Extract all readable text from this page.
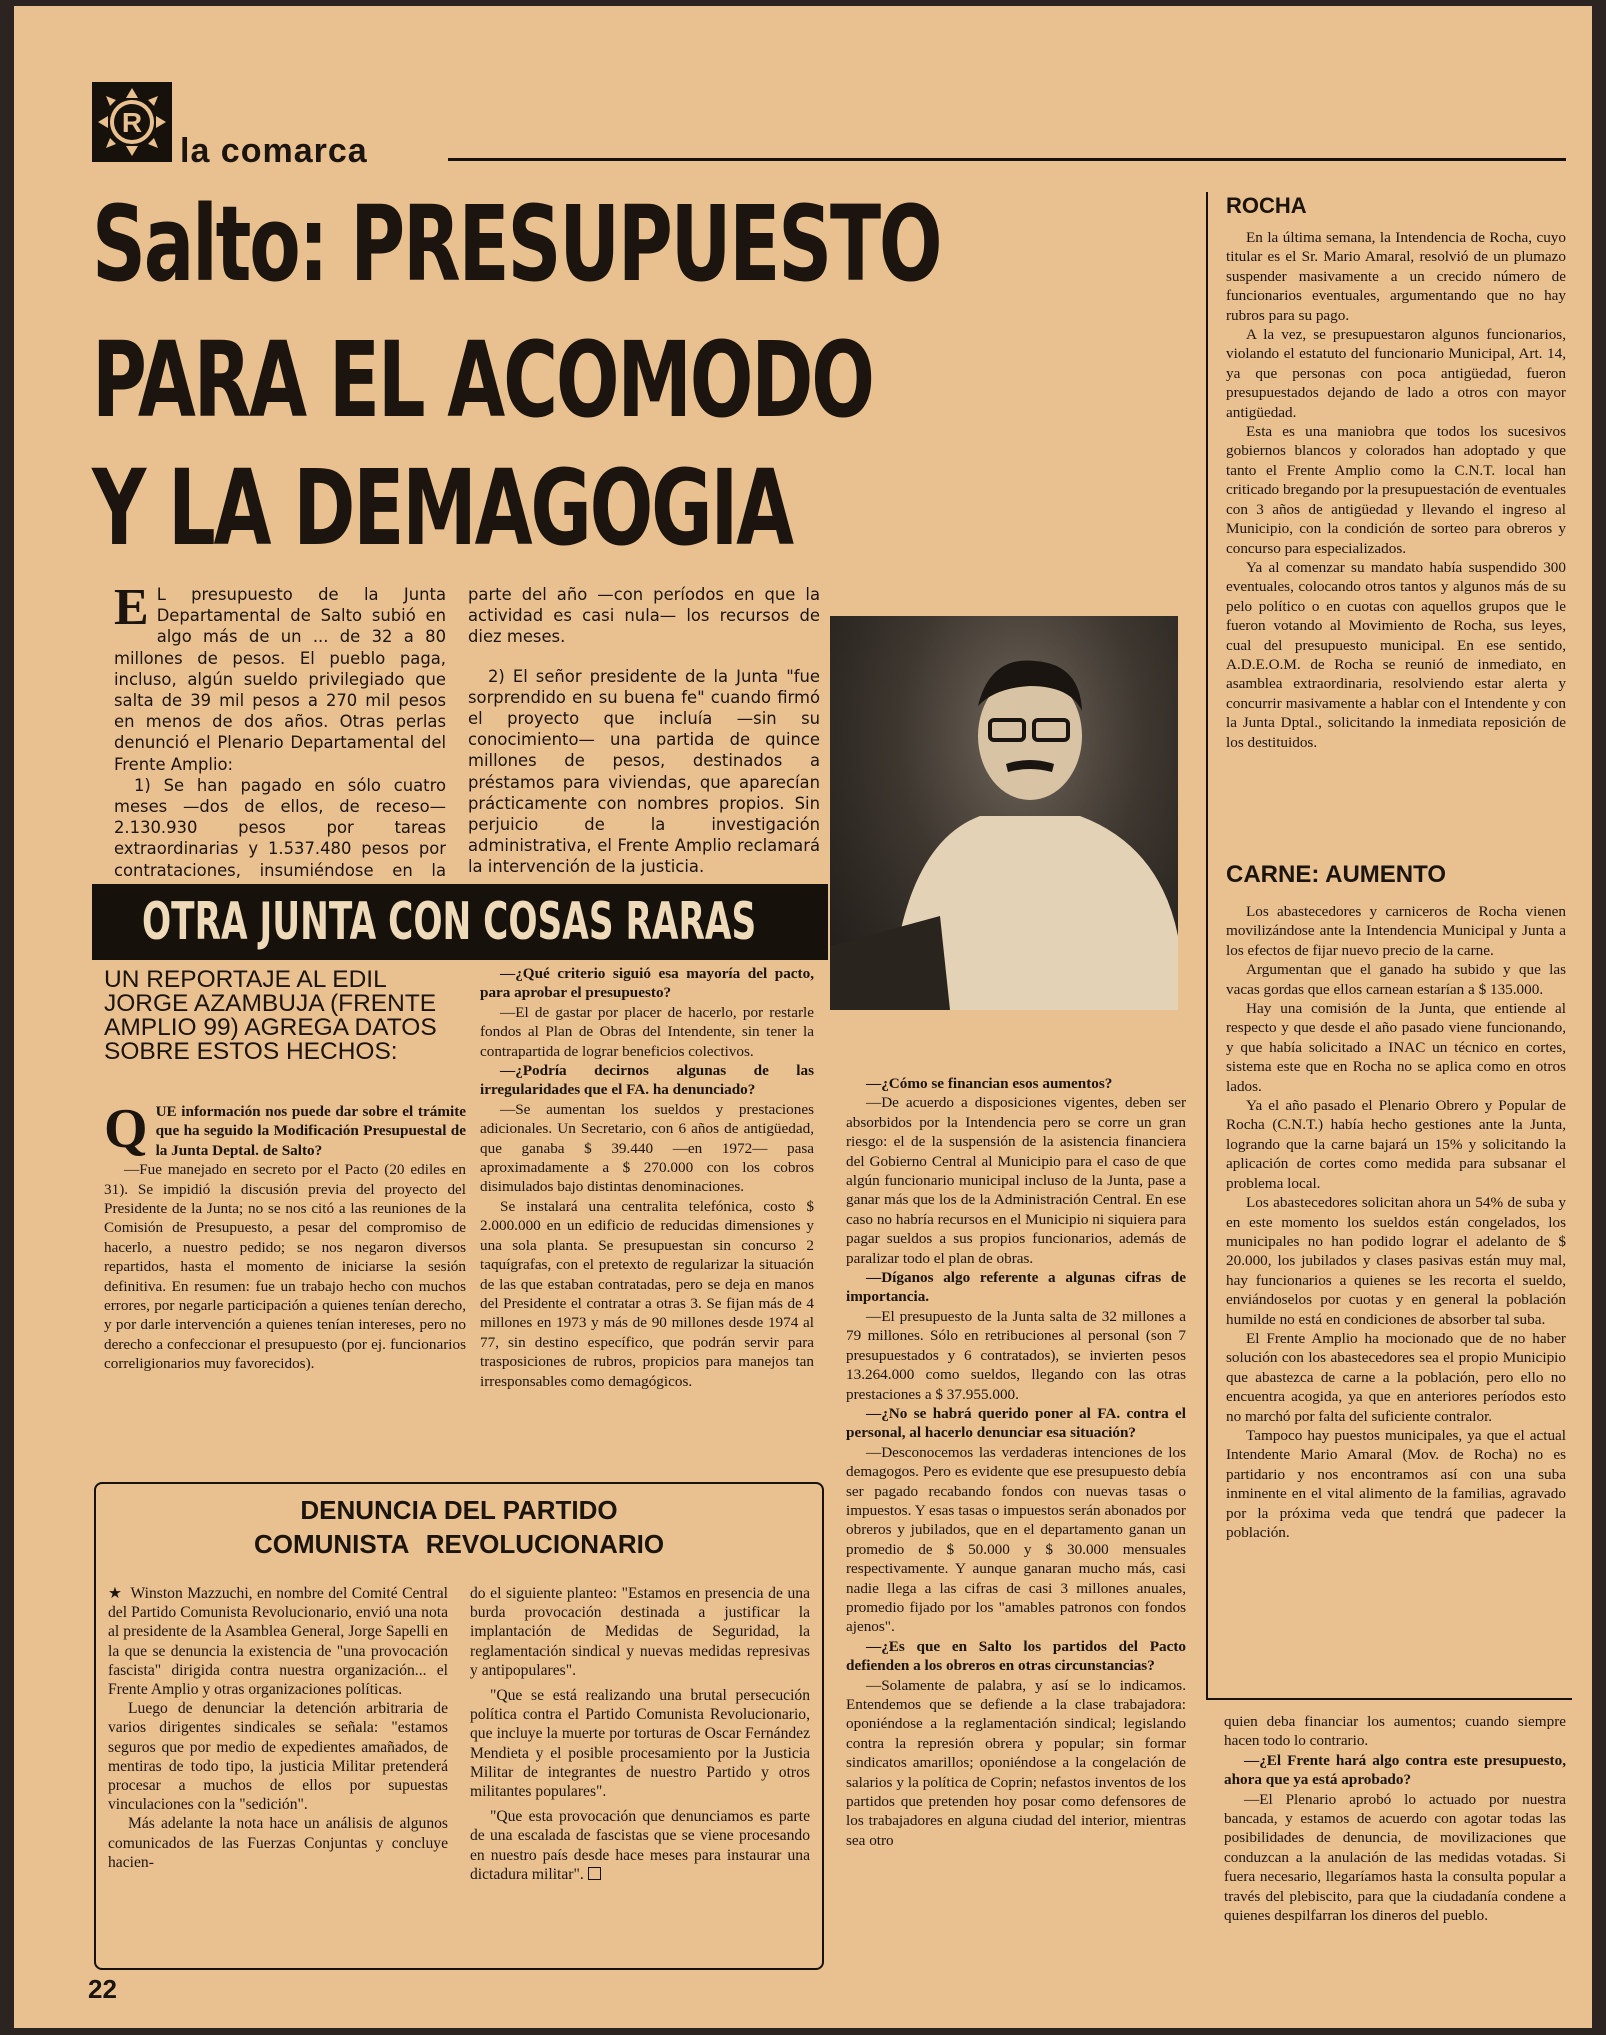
R
la comarca
Salto: PRESUPUESTO
PARA EL ACOMODO
Y LA DEMAGOGIA
E L presupuesto de la Junta Departamental de Salto subió en algo más de un ... de 32 a 80 millones de pesos. El pueblo paga, incluso, algún sueldo privilegiado que salta de 39 mil pesos a 270 mil pesos en menos de dos años. Otras perlas denunció el Plenario Departamental del Frente Amplio:

1) Se han pagado en sólo cuatro meses —dos de ellos, de receso— 2.130.930 pesos por tareas extraordinarias y 1.537.480 pesos por contrataciones, insumiéndose en la

parte del año —con períodos en que la actividad es casi nula— los recursos de diez meses.

2) El señor presidente de la Junta "fue sorprendido en su buena fe" cuando firmó el proyecto que incluía —sin su conocimiento— una partida de quince millones de pesos, destinados a préstamos para viviendas, que aparecían prácticamente con nombres propios. Sin perjuicio de la investigación administrativa, el Frente Amplio reclamará la intervención de la justicia.

OTRA JUNTA CON COSAS RARAS
UN REPORTAJE AL EDIL JORGE AZAMBUJA (FRENTE AMPLIO 99) AGREGA DATOS SOBRE ESTOS HECHOS:
Q UE información nos puede dar sobre el trámite que ha seguido la Modificación Presupuestal de la Junta Deptal. de Salto?

—Fue manejado en secreto por el Pacto (20 ediles en 31). Se impidió la discusión previa del proyecto del Presidente de la Junta; no se nos citó a las reuniones de la Comisión de Presupuesto, a pesar del compromiso de hacerlo, a nuestro pedido; se nos negaron diversos repartidos, hasta el momento de iniciarse la sesión definitiva. En resumen: fue un trabajo hecho con muchos errores, por negarle participación a quienes tenían derecho, y por darle intervención a quienes tenían intereses, pero no derecho a confeccionar el presupuesto (por ej. funcionarios correligionarios muy favorecidos).

—¿Qué criterio siguió esa mayoría del pacto, para aprobar el presupuesto?

—El de gastar por placer de hacerlo, por restarle fondos al Plan de Obras del Intendente, sin tener la contrapartida de lograr beneficios colectivos.

—¿Podría decirnos algunas de las irregularidades que el FA. ha denunciado?

—Se aumentan los sueldos y prestaciones adicionales. Un Secretario, con 6 años de antigüedad, que ganaba $ 39.440 —en 1972— pasa aproximadamente a $ 270.000 con los cobros disimulados bajo distintas denominaciones.

Se instalará una centralita telefónica, costo $ 2.000.000 en un edificio de reducidas dimensiones y una sola planta. Se presupuestan sin concurso 2 taquígrafas, con el pretexto de regularizar la situación de las que estaban contratadas, pero se deja en manos del Presidente el contratar a otras 3. Se fijan más de 4 millones en 1973 y más de 90 millones desde 1974 al 77, sin destino específico, que podrán servir para trasposiciones de rubros, propicios para manejos tan irresponsables como demagógicos.

—¿Cómo se financian esos aumentos?

—De acuerdo a disposiciones vigentes, deben ser absorbidos por la Intendencia pero se corre un gran riesgo: el de la suspensión de la asistencia financiera del Gobierno Central al Municipio para el caso de que algún funcionario municipal incluso de la Junta, pase a ganar más que los de la Administración Central. En ese caso no habría recursos en el Municipio ni siquiera para pagar sueldos a sus propios funcionarios, además de paralizar todo el plan de obras.

—Díganos algo referente a algunas cifras de importancia.

—El presupuesto de la Junta salta de 32 millones a 79 millones. Sólo en retribuciones al personal (son 7 presupuestados y 6 contratados), se invierten pesos 13.264.000 como sueldos, llegando con las otras prestaciones a $ 37.955.000.

—¿No se habrá querido poner al FA. contra el personal, al hacerlo denunciar esa situación?

—Desconocemos las verdaderas intenciones de los demagogos. Pero es evidente que ese presupuesto debía ser pagado recabando fondos con nuevas tasas o impuestos. Y esas tasas o impuestos serán abonados por obreros y jubilados, que en el departamento ganan un promedio de $ 50.000 y $ 30.000 mensuales respectivamente. Y aunque ganaran mucho más, casi nadie llega a las cifras de casi 3 millones anuales, promedio fijado por los "amables patronos con fondos ajenos".

—¿Es que en Salto los partidos del Pacto defienden a los obreros en otras circunstancias?

—Solamente de palabra, y así se lo indicamos. Entendemos que se defiende a la clase trabajadora: oponiéndose a la reglamentación sindical; legislando contra la represión obrera y popular; sin formar sindicatos amarillos; oponiéndose a la congelación de salarios y la política de Coprin; nefastos inventos de los partidos que pretenden hoy posar como defensores de los trabajadores en alguna ciudad del interior, mientras sea otro

ROCHA

En la última semana, la Intendencia de Rocha, cuyo titular es el Sr. Mario Amaral, resolvió de un plumazo suspender masivamente a un crecido número de funcionarios eventuales, argumentando que no hay rubros para su pago.

A la vez, se presupuestaron algunos funcionarios, violando el estatuto del funcionario Municipal, Art. 14, ya que personas con poca antigüedad, fueron presupuestados dejando de lado a otros con mayor antigüedad.

Esta es una maniobra que todos los sucesivos gobiernos blancos y colorados han adoptado y que tanto el Frente Amplio como la C.N.T. local han criticado bregando por la presupuestación de eventuales con 3 años de antigüedad y llevando el ingreso al Municipio, con la condición de sorteo para obreros y concurso para especializados.

Ya al comenzar su mandato había suspendido 300 eventuales, colocando otros tantos y algunos más de su pelo político o en cuotas con aquellos grupos que le fueron votando al Movimiento de Rocha, sus leyes, cual del presupuesto municipal. En ese sentido, A.D.E.O.M. de Rocha se reunió de inmediato, en asamblea extraordinaria, resolviendo estar alerta y concurrir masivamente a hablar con el Intendente y con la Junta Dptal., solicitando la inmediata reposición de los destituidos.

CARNE: AUMENTO

Los abastecedores y carniceros de Rocha vienen movilizándose ante la Intendencia Municipal y Junta a los efectos de fijar nuevo precio de la carne.

Argumentan que el ganado ha subido y que las vacas gordas que ellos carnean estarían a $ 135.000.

Hay una comisión de la Junta, que entiende al respecto y que desde el año pasado viene funcionando, y que había solicitado a INAC un técnico en cortes, sistema este que en Rocha no se aplica como en otros lados.

Ya el año pasado el Plenario Obrero y Popular de Rocha (C.N.T.) había hecho gestiones ante la Junta, logrando que la carne bajará un 15% y solicitando la aplicación de cortes como medida para subsanar el problema local.

Los abastecedores solicitan ahora un 54% de suba y en este momento los sueldos están congelados, los municipales no han podido lograr el adelanto de $ 20.000, los jubilados y clases pasivas están muy mal, hay funcionarios a quienes se les recorta el sueldo, enviándoselos por cuotas y en general la población humilde no está en condiciones de absorber tal suba.

El Frente Amplio ha mocionado que de no haber solución con los abastecedores sea el propio Municipio que abastezca de carne a la población, pero ello no encuentra acogida, ya que en anteriores períodos esto no marchó por falta del suficiente contralor.

Tampoco hay puestos municipales, ya que el actual Intendente Mario Amaral (Mov. de Rocha) no es partidario y nos encontramos así con una suba inminente en el vital alimento de la familias, agravado por la próxima veda que tendrá que padecer la población.

quien deba financiar los aumentos; cuando siempre hacen todo lo contrario.

—¿El Frente hará algo contra este presupuesto, ahora que ya está aprobado?

—El Plenario aprobó lo actuado por nuestra bancada, y estamos de acuerdo con agotar todas las posibilidades de denuncia, de movilizaciones que conduzcan a la anulación de las medidas votadas. Si fuera necesario, llegaríamos hasta la consulta popular a través del plebiscito, para que la ciudadanía condene a quienes despilfarran los dineros del pueblo.

DENUNCIA DEL PARTIDO
COMUNISTA REVOLUCIONARIO

★ Winston Mazzuchi, en nombre del Comité Central del Partido Comunista Revolucionario, envió una nota al presidente de la Asamblea General, Jorge Sapelli en la que se denuncia la existencia de "una provocación fascista" dirigida contra nuestra organización... el Frente Amplio y otras organizaciones políticas.

Luego de denunciar la detención arbitraria de varios dirigentes sindicales se señala: "estamos seguros que por medio de expedientes amañados, de mentiras de todo tipo, la justicia Militar pretenderá procesar a muchos de ellos por supuestas vinculaciones con la "sedición".

Más adelante la nota hace un análisis de algunos comunicados de las Fuerzas Conjuntas y concluye hacien-

do el siguiente planteo: "Estamos en presencia de una burda provocación destinada a justificar la implantación de Medidas de Seguridad, la reglamentación sindical y nuevas medidas represivas y antipopulares".

"Que se está realizando una brutal persecución política contra el Partido Comunista Revolucionario, que incluye la muerte por torturas de Oscar Fernández Mendieta y el posible procesamiento por la Justicia Militar de integrantes de nuestro Partido y otros militantes populares".

"Que esta provocación que denunciamos es parte de una escalada de fascistas que se viene procesando en nuestro país desde hace meses para instaurar una dictadura militar".

22
